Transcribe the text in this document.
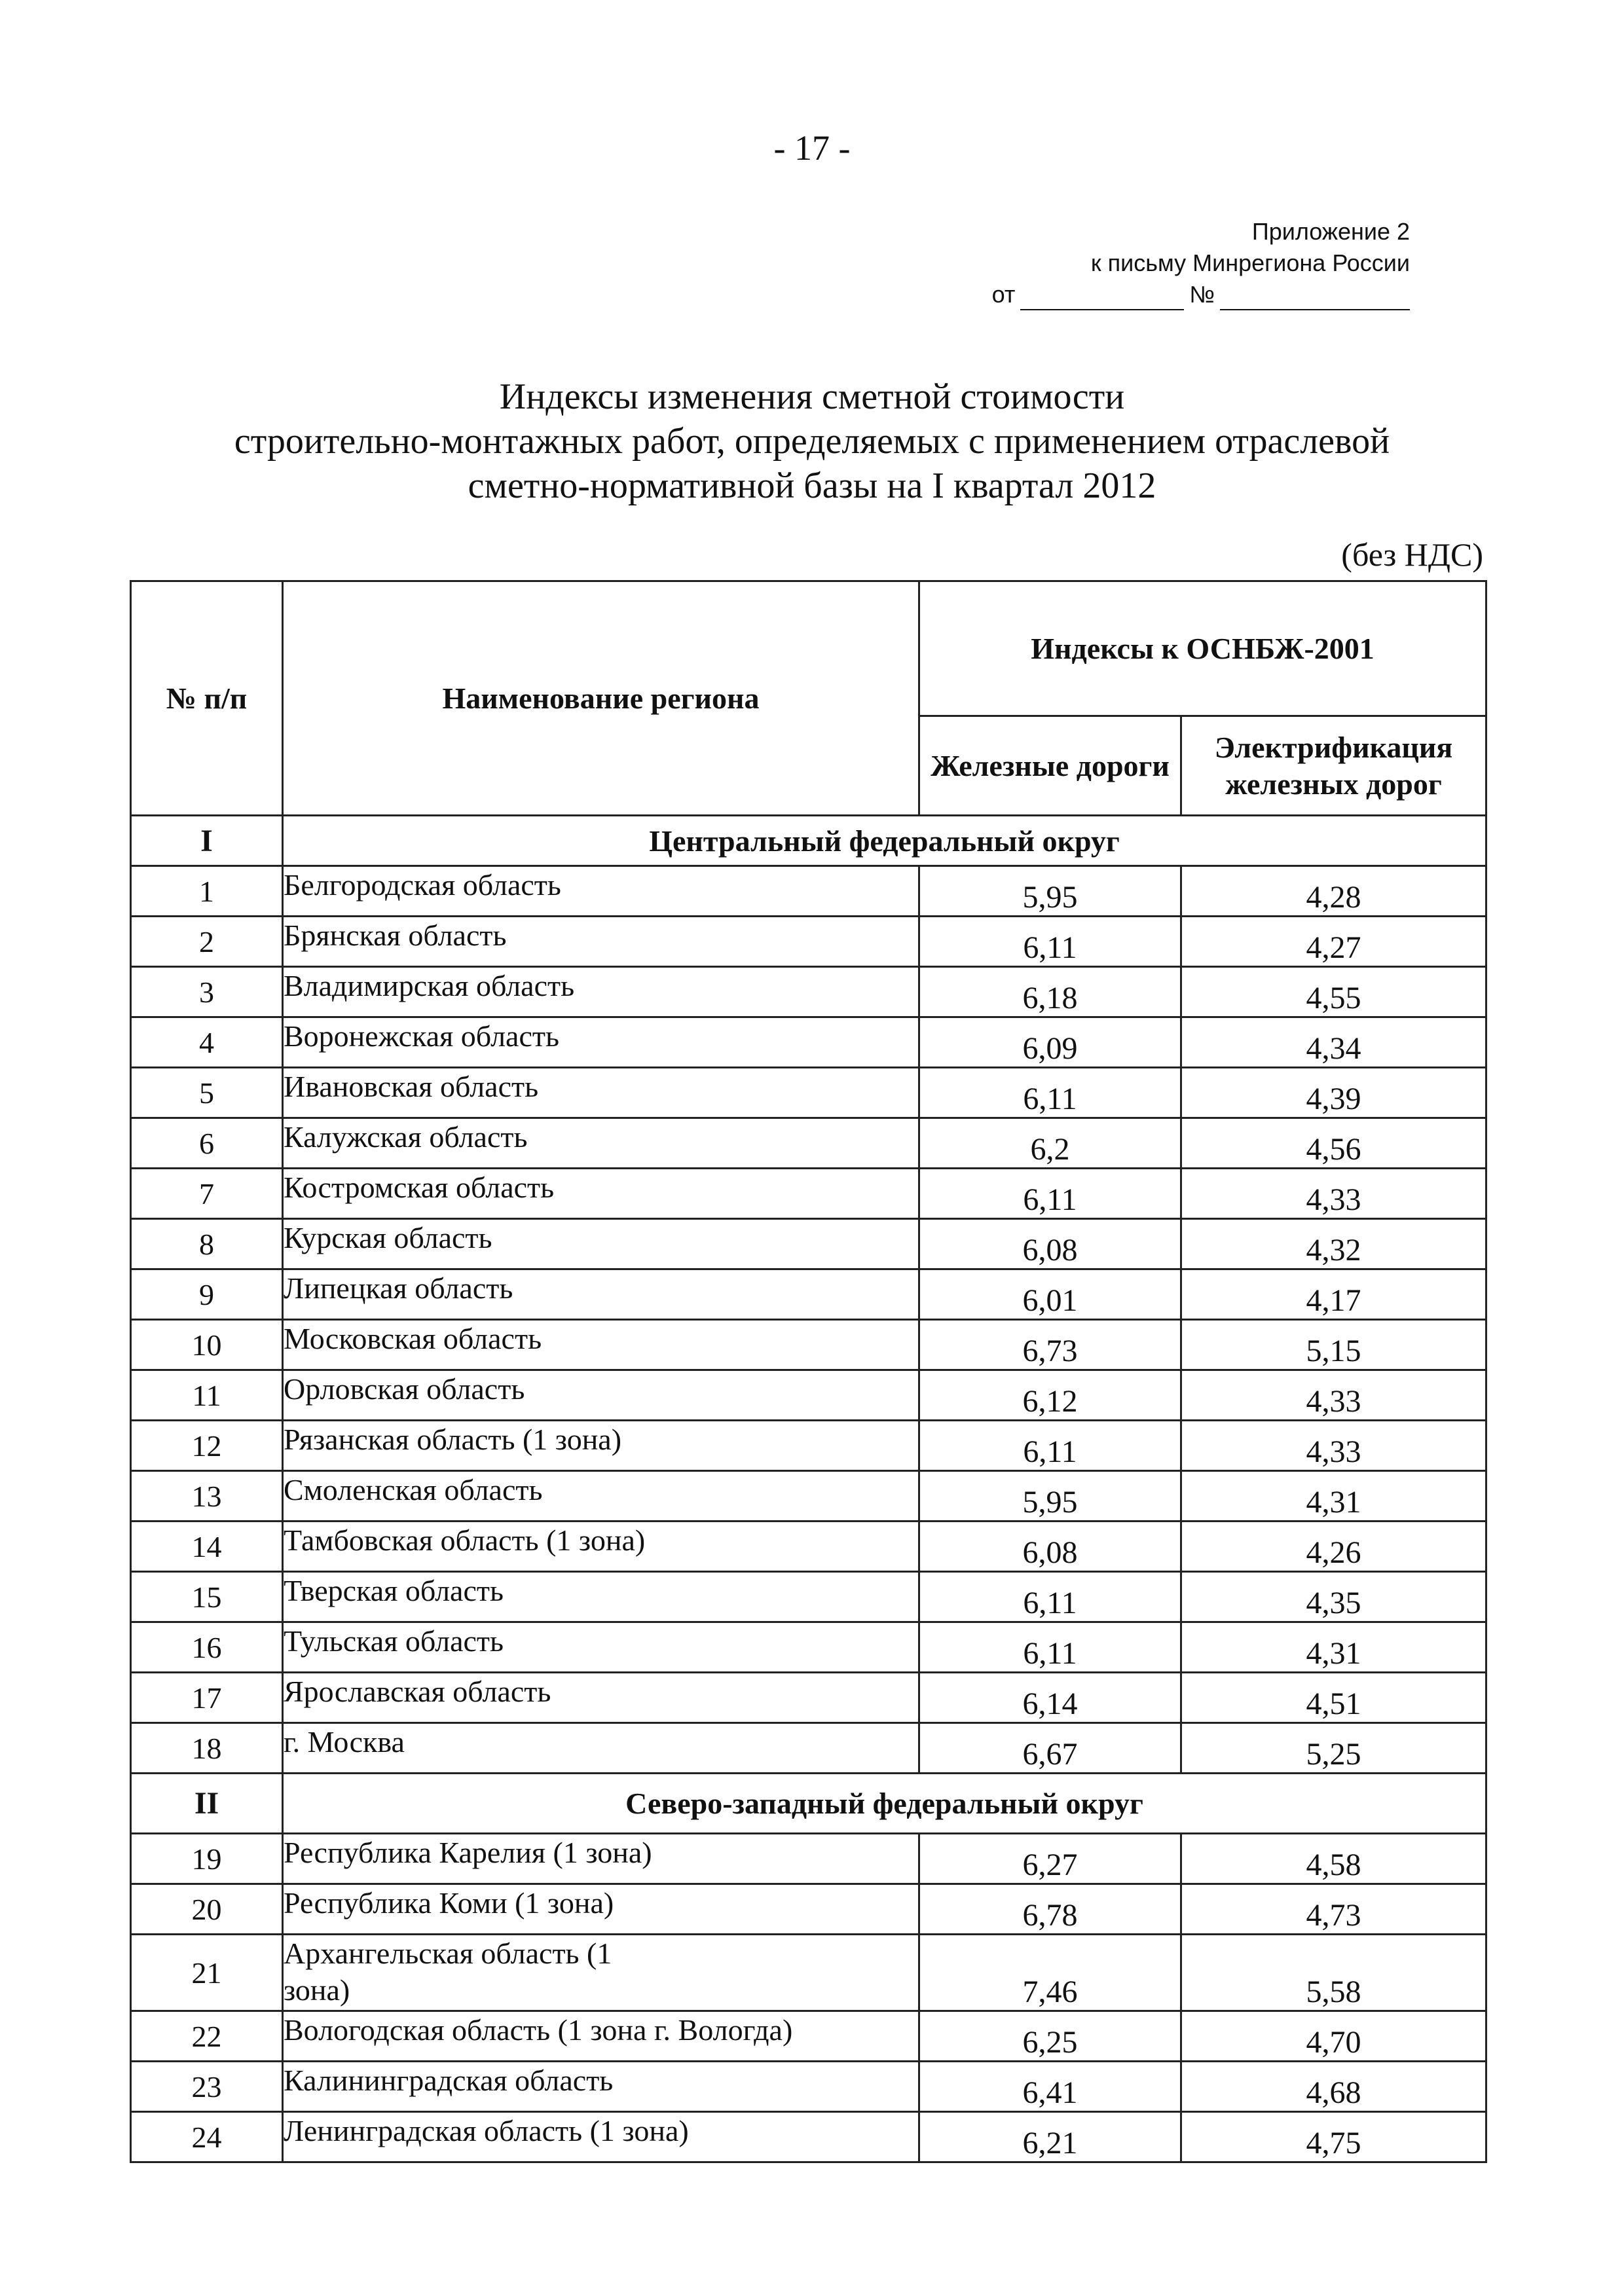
- 17 -
Приложение 2
к письму Минрегиона России
от	№
Индексы изменения сметной стоимости
строительно-монтажных работ, определяемых с применением отраслевой
сметно-нормативной базы на I квартал 2012
(без НДС)
№ п/п	Наименование региона	Индексы к ОСНБЖ-2001	
		Железные дороги	Электрификация железных дорог
I	Центральный федеральный округ		
1	Белгородская область	5,95	4,28
2	Брянская область	6,11	4,27
3	Владимирская область	6,18	4,55
4	Воронежская область	6,09	4,34
5	Ивановская область	6,11	4,39
6	Калужская область	6,2	4,56
7	Костромская область	6,11	4,33
8	Курская область	6,08	4,32
9	Липецкая область	6,01	4,17
10	Московская область	6,73	5,15
11	Орловская область	6,12	4,33
12	Рязанская область (1 зона)	6,11	4,33
13	Смоленская область	5,95	4,31
14	Тамбовская область (1 зона)	6,08	4,26
15	Тверская область	6,11	4,35
16	Тульская область	6,11	4,31
17	Ярославская область	6,14	4,51
18	г. Москва	6,67	5,25
II	Северо-западный федеральный округ		
19	Республика Карелия (1 зона)	6,27	4,58
20	Республика Коми (1 зона)	6,78	4,73
21	Архангельская область (1 зона)	7,46	5,58
22	Вологодская область (1 зона г. Вологда)	6,25	4,70
23	Калининградская область	6,41	4,68
24	Ленинградская область (1 зона)	6,21	4,75
